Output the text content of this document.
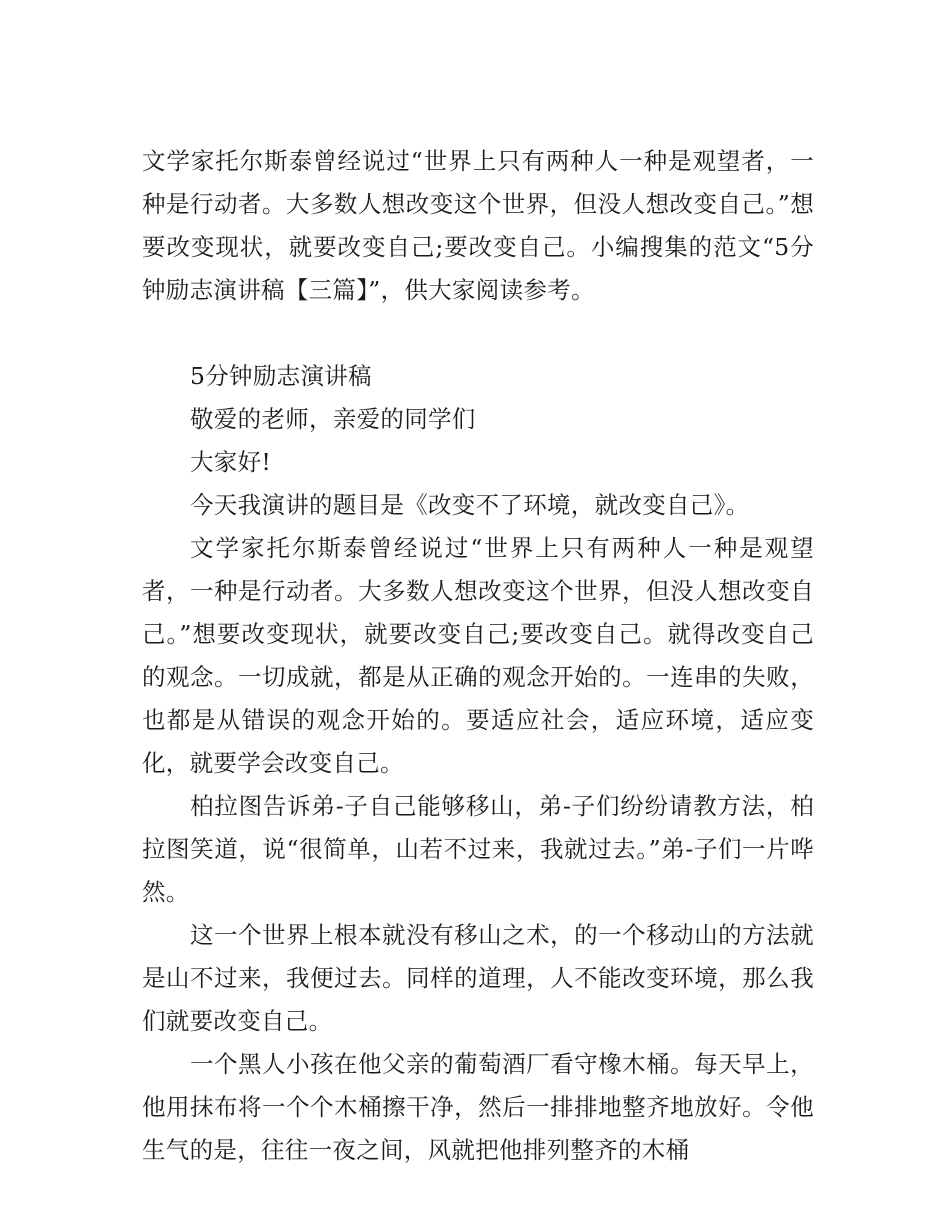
文学家托尔斯泰曾经说过“世界上只有两种人一种是观望者，一种是行动者。大多数人想改变这个世界，但没人想改变自己。”想要改变现状，就要改变自己;要改变自己。小编搜集的范文“5分钟励志演讲稿【三篇】”，供大家阅读参考。

5分钟励志演讲稿

敬爱的老师，亲爱的同学们

大家好!

今天我演讲的题目是《改变不了环境，就改变自己》。

文学家托尔斯泰曾经说过“世界上只有两种人一种是观望者，一种是行动者。大多数人想改变这个世界，但没人想改变自己。”想要改变现状，就要改变自己;要改变自己。就得改变自己的观念。一切成就，都是从正确的观念开始的。一连串的失败，也都是从错误的观念开始的。要适应社会，适应环境，适应变化，就要学会改变自己。

柏拉图告诉弟-子自己能够移山，弟-子们纷纷请教方法，柏拉图笑道，说“很简单，山若不过来，我就过去。”弟-子们一片哗然。

这一个世界上根本就没有移山之术，的一个移动山的方法就是山不过来，我便过去。同样的道理，人不能改变环境，那么我们就要改变自己。

一个黑人小孩在他父亲的葡萄酒厂看守橡木桶。每天早上，他用抹布将一个个木桶擦干净，然后一排排地整齐地放好。令他生气的是，往往一夜之间，风就把他排列整齐的木桶
